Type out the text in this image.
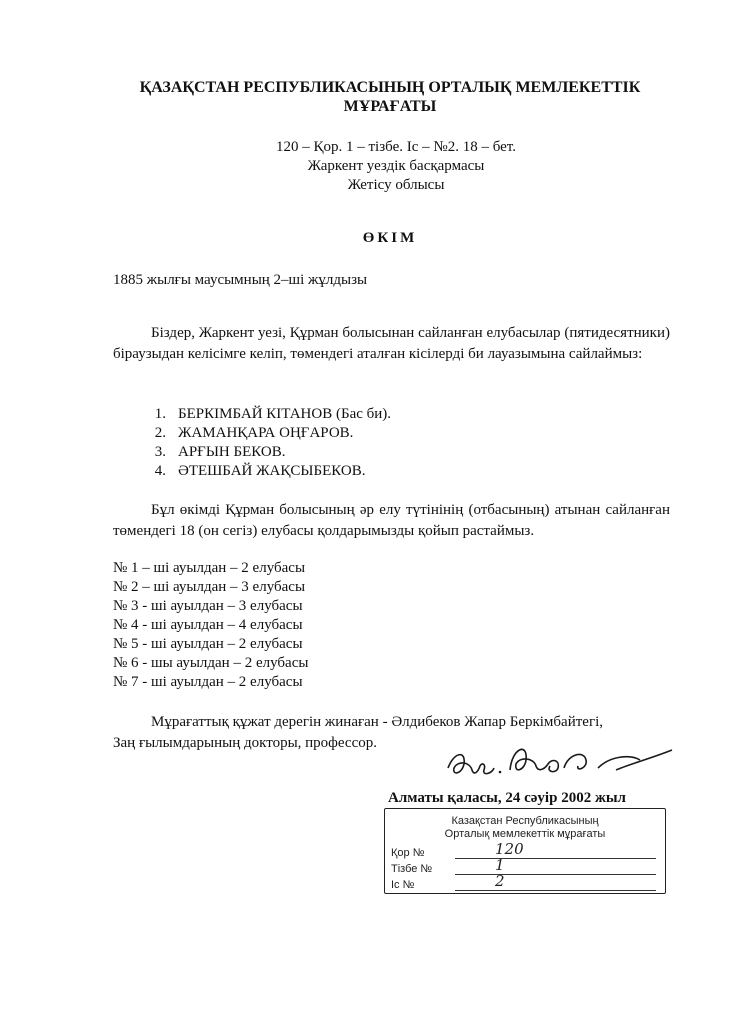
ҚАЗАҚСТАН РЕСПУБЛИКАСЫНЫҢ ОРТАЛЫҚ МЕМЛЕКЕТТІК
МҰРАҒАТЫ
120 – Қор. 1 – тізбе. Іс – №2. 18 – бет.
Жаркент уездік басқармасы
Жетісу облысы
ӨКІМ
1885 жылғы маусымның 2–ші жұлдызы
Біздер, Жаркент уезі, Құрман болысынан сайланған елубасылар (пятидесятники) біраузыдан келісімге келіп, төмендегі аталған кісілерді би лауазымына сайлаймыз:
1. БЕРКІМБАЙ КІТАНОВ (Бас би).
2. ЖАМАНҚАРА ОҢҒАРОВ.
3. АРҒЫН БЕКОВ.
4. ӘТЕШБАЙ ЖАҚСЫБЕКОВ.
Бұл өкімді Құрман болысының әр елу түтінінің (отбасының) атынан сайланған төмендегі 18 (он сегіз) елубасы қолдарымызды қойып растаймыз.
№ 1 – ші ауылдан – 2 елубасы
№ 2 – ші ауылдан – 3 елубасы
№ 3 - ші ауылдан – 3 елубасы
№ 4 - ші ауылдан – 4 елубасы
№ 5 - ші ауылдан – 2 елубасы
№ 6 - шы ауылдан – 2 елубасы
№ 7 - ші ауылдан – 2 елубасы
Мұрағаттық құжат дерегін жинаған - Әлдибеков Жапар Беркімбайтегі,
Заң ғылымдарының докторы, профессор.
Алматы қаласы, 24 сәуір 2002 жыл
Казақстан Республикасының
Орталық мемлекеттік мұрағаты
Қор №	120
Тізбе №	1
Іс №	2
